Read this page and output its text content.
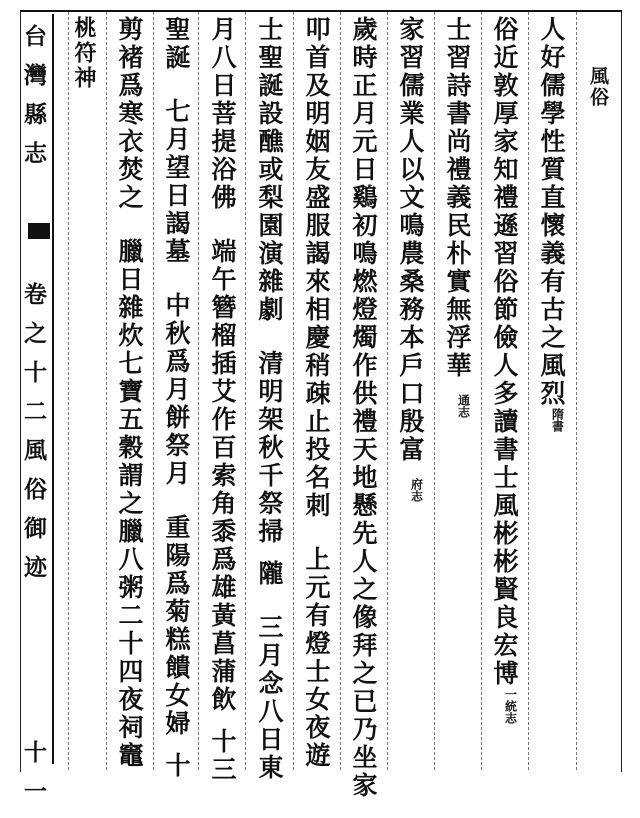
台灣縣志  卷之十二風俗御迹  十一
風俗
人好儒學性質直懷義有古之風烈隋書
俗近敦厚家知禮遜習俗節儉人多讀書士風彬彬賢良宏博一統志
士習詩書尚禮義民朴實無浮華通志
家習儒業人以文鳴農桑務本戶口殷富府志
歲時正月元日鷄初鳴燃燈燭作供禮天地懸先人之像拜之已乃坐家
叩首及明姻友盛服謁來相慶稍疎止投名刺上元有燈士女夜遊
士聖誕設醮或梨園演雜劇清明架秋千祭掃隴三月念八日東
月八日菩提浴佛端午簪榴插艾作百索角黍爲雄黃菖蒲飲十三
聖誕七月望日謁墓中秋爲月餅祭月重陽爲菊糕饋女婦十
剪褚爲寒衣焚之臘日雜炊七寶五穀謂之臘八粥二十四夜祠竈
桃符神
